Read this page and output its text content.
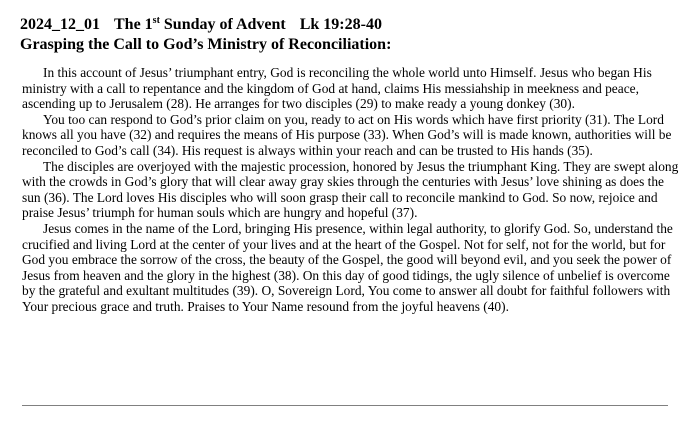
2024_12_01 The 1st Sunday of Advent Lk 19:28-40
Grasping the Call to God’s Ministry of Reconciliation:

In this account of Jesus’ triumphant entry, God is reconciling the whole world unto Himself. Jesus who began His ministry with a call to repentance and the kingdom of God at hand, claims His messiahship in meekness and peace, ascending up to Jerusalem (28). He arranges for two disciples (29) to make ready a young donkey (30).

You too can respond to God’s prior claim on you, ready to act on His words which have first priority (31). The Lord knows all you have (32) and requires the means of His purpose (33). When God’s will is made known, authorities will be reconciled to God’s call (34). His request is always within your reach and can be trusted to His hands (35).

The disciples are overjoyed with the majestic procession, honored by Jesus the triumphant King. They are swept along with the crowds in God’s glory that will clear away gray skies through the centuries with Jesus’ love shining as does the sun (36). The Lord loves His disciples who will soon grasp their call to reconcile mankind to God. So now, rejoice and praise Jesus’ triumph for human souls which are hungry and hopeful (37).

Jesus comes in the name of the Lord, bringing His presence, within legal authority, to glorify God. So, understand the crucified and living Lord at the center of your lives and at the heart of the Gospel. Not for self, not for the world, but for God you embrace the sorrow of the cross, the beauty of the Gospel, the good will beyond evil, and you seek the power of Jesus from heaven and the glory in the highest (38). On this day of good tidings, the ugly silence of unbelief is overcome by the grateful and exultant multitudes (39). O, Sovereign Lord, You come to answer all doubt for faithful followers with Your precious grace and truth. Praises to Your Name resound from the joyful heavens (40).
